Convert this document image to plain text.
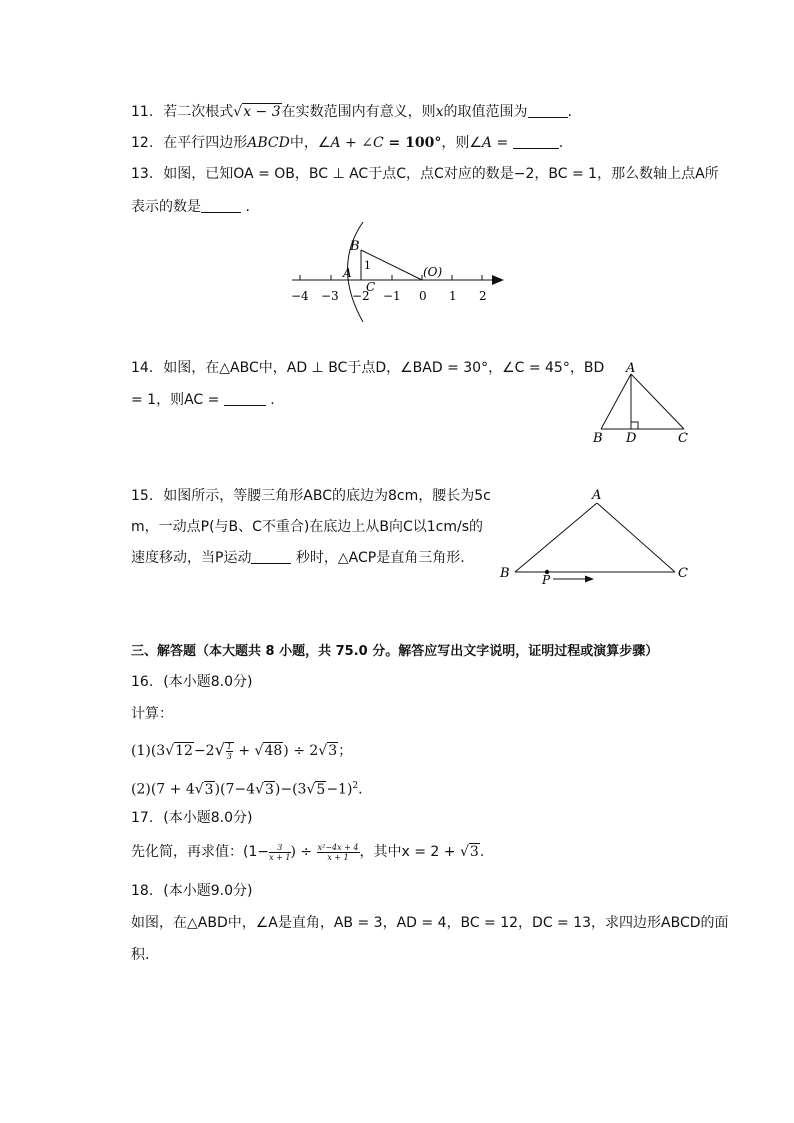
11. 若二次根式√x − 3在实数范围内有意义，则x的取值范围为	.
12. 在平行四边形ABCD中，∠A + ∠C = 100°，则∠A =	.
13. 如图，已知OA = OB，BC ⊥ AC于点C，点C对应的数是−2，BC = 1，那么数轴上点A所
表示的数是	.
B
A
1
C
(O)
−4 −3 −2 −1 0 1 2
14. 如图，在△ABC中，AD ⊥ BC于点D，∠BAD = 30°，∠C = 45°，BD
= 1，则AC =	.
A
B D	C
15. 如图所示，等腰三角形ABC的底边为8cm，腰长为5c
m，一动点P(与B、C不重合)在底边上从B向C以1cm/s的
速度移动，当P运动	秒时，△ACP是直角三角形.
A
B	C
P
三、解答题（本大题共 8 小题，共 75.0 分。解答应写出文字说明，证明过程或演算步骤）
16. (本小题8.0分)
计算：
$(1)(3√12-2√ \frac{1}{3} + √48) \div 2√3$；
$(2)(7 + 4√3)(7-4√3)-(3√5-1)^2$.
17. (本小题8.0分)
先化简，再求值：($1- \frac{3}{x + 1}$ ) ÷ $\frac{\text{x²−4x + 4}}{x + 1}$ ，其中x = 2 + √3.
18. (本小题9.0分)
如图，在△ABD中，∠A是直角，AB = 3，AD = 4，BC = 12，DC = 13，求四边形ABCD的面
积.
